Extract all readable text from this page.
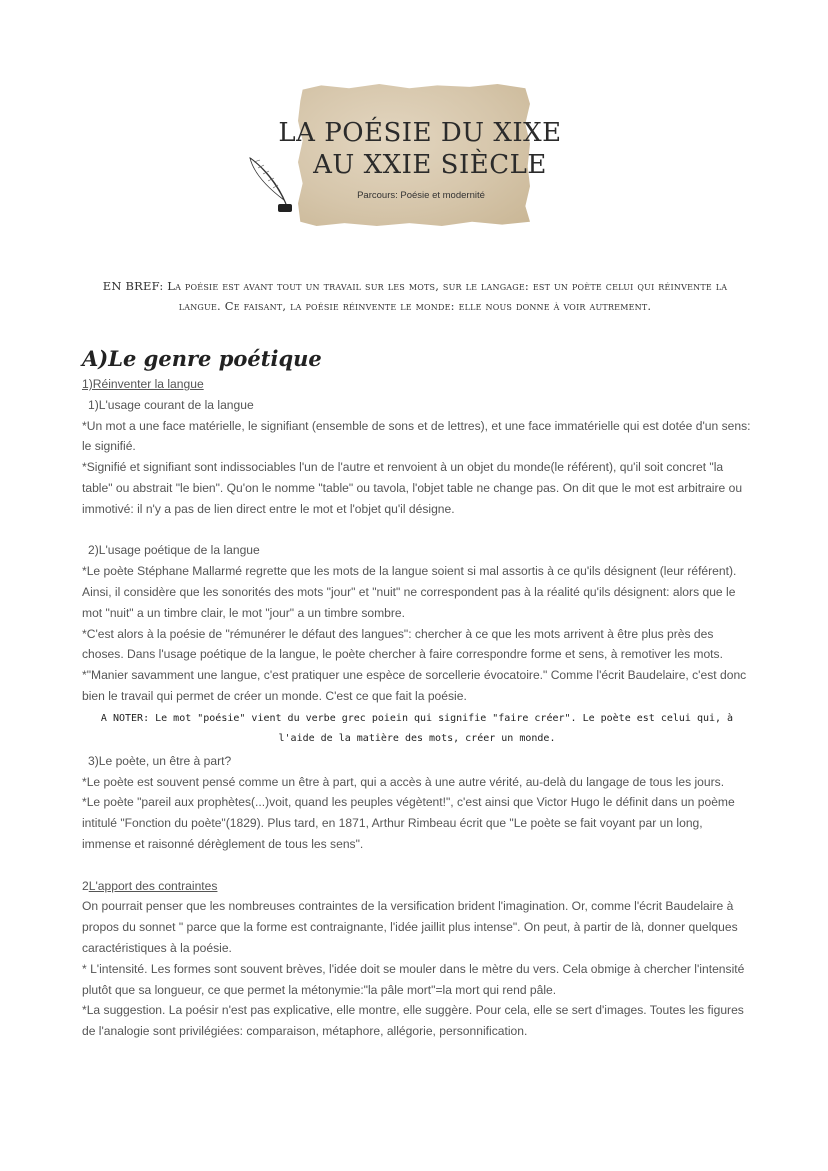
LA POÉSIE DU XIXE

AU XXIE SIÈCLE

Parcours: Poésie et modernité

EN BREF: La poésie est avant tout un travail sur les mots, sur le langage: est un poète celui qui réinvente la langue. Ce faisant, la poésie réinvente le monde: elle nous donne à voir autrement.

A)Le genre poétique

1)Réinventer la langue

1)L'usage courant de la langue

*Un mot a une face matérielle, le signifiant (ensemble de sons et de lettres), et une face immatérielle qui est dotée d'un sens: le signifié.

*Signifié et signifiant sont indissociables l'un de l'autre et renvoient à un objet du monde(le référent), qu'il soit concret "la table" ou abstrait "le bien". Qu'on le nomme "table" ou tavola, l'objet table ne change pas. On dit que le mot est arbitraire ou immotivé: il n'y a pas de lien direct entre le mot et l'objet qu'il désigne.

2)L'usage poétique de la langue

*Le poète Stéphane Mallarmé regrette que les mots de la langue soient si mal assortis à ce qu'ils désignent (leur référent). Ainsi, il considère que les sonorités des mots "jour" et "nuit" ne correspondent pas à la réalité qu'ils désignent: alors que le mot "nuit" a un timbre clair, le mot "jour" a un timbre sombre.

*C'est alors à la poésie de "rémunérer le défaut des langues": chercher à ce que les mots arrivent à être plus près des choses. Dans l'usage poétique de la langue, le poète chercher à faire correspondre forme et sens, à remotiver les mots.

*"Manier savamment une langue, c'est pratiquer une espèce de sorcellerie évocatoire." Comme l'écrit Baudelaire, c'est donc bien le travail qui permet de créer un monde. C'est ce que fait la poésie.

A NOTER: Le mot "poésie" vient du verbe grec poiein qui signifie "faire créer". Le poète est celui qui, à l'aide de la matière des mots, créer un monde.

3)Le poète, un être à part?

*Le poète est souvent pensé comme un être à part, qui a accès à une autre vérité, au-delà du langage de tous les jours.

*Le poète "pareil aux prophètes(...)voit, quand les peuples végètent!", c'est ainsi que Victor Hugo le définit dans un poème intitulé "Fonction du poète"(1829). Plus tard, en 1871, Arthur Rimbeau écrit que "Le poète se fait voyant par un long, immense et raisonné dérèglement de tous les sens".

2L'apport des contraintes

On pourrait penser que les nombreuses contraintes de la versification brident l'imagination. Or, comme l'écrit Baudelaire à propos du sonnet " parce que la forme est contraignante, l'idée jaillit plus intense". On peut, à partir de là, donner quelques caractéristiques à la poésie.

* L'intensité. Les formes sont souvent brèves, l'idée doit se mouler dans le mètre du vers. Cela obmige à chercher l'intensité plutôt que sa longueur, ce que permet la métonymie:"la pâle mort"=la mort qui rend pâle.

*La suggestion. La poésir n'est pas explicative, elle montre, elle suggère. Pour cela, elle se sert d'images. Toutes les figures de l'analogie sont privilégiées: comparaison, métaphore, allégorie, personnification.
